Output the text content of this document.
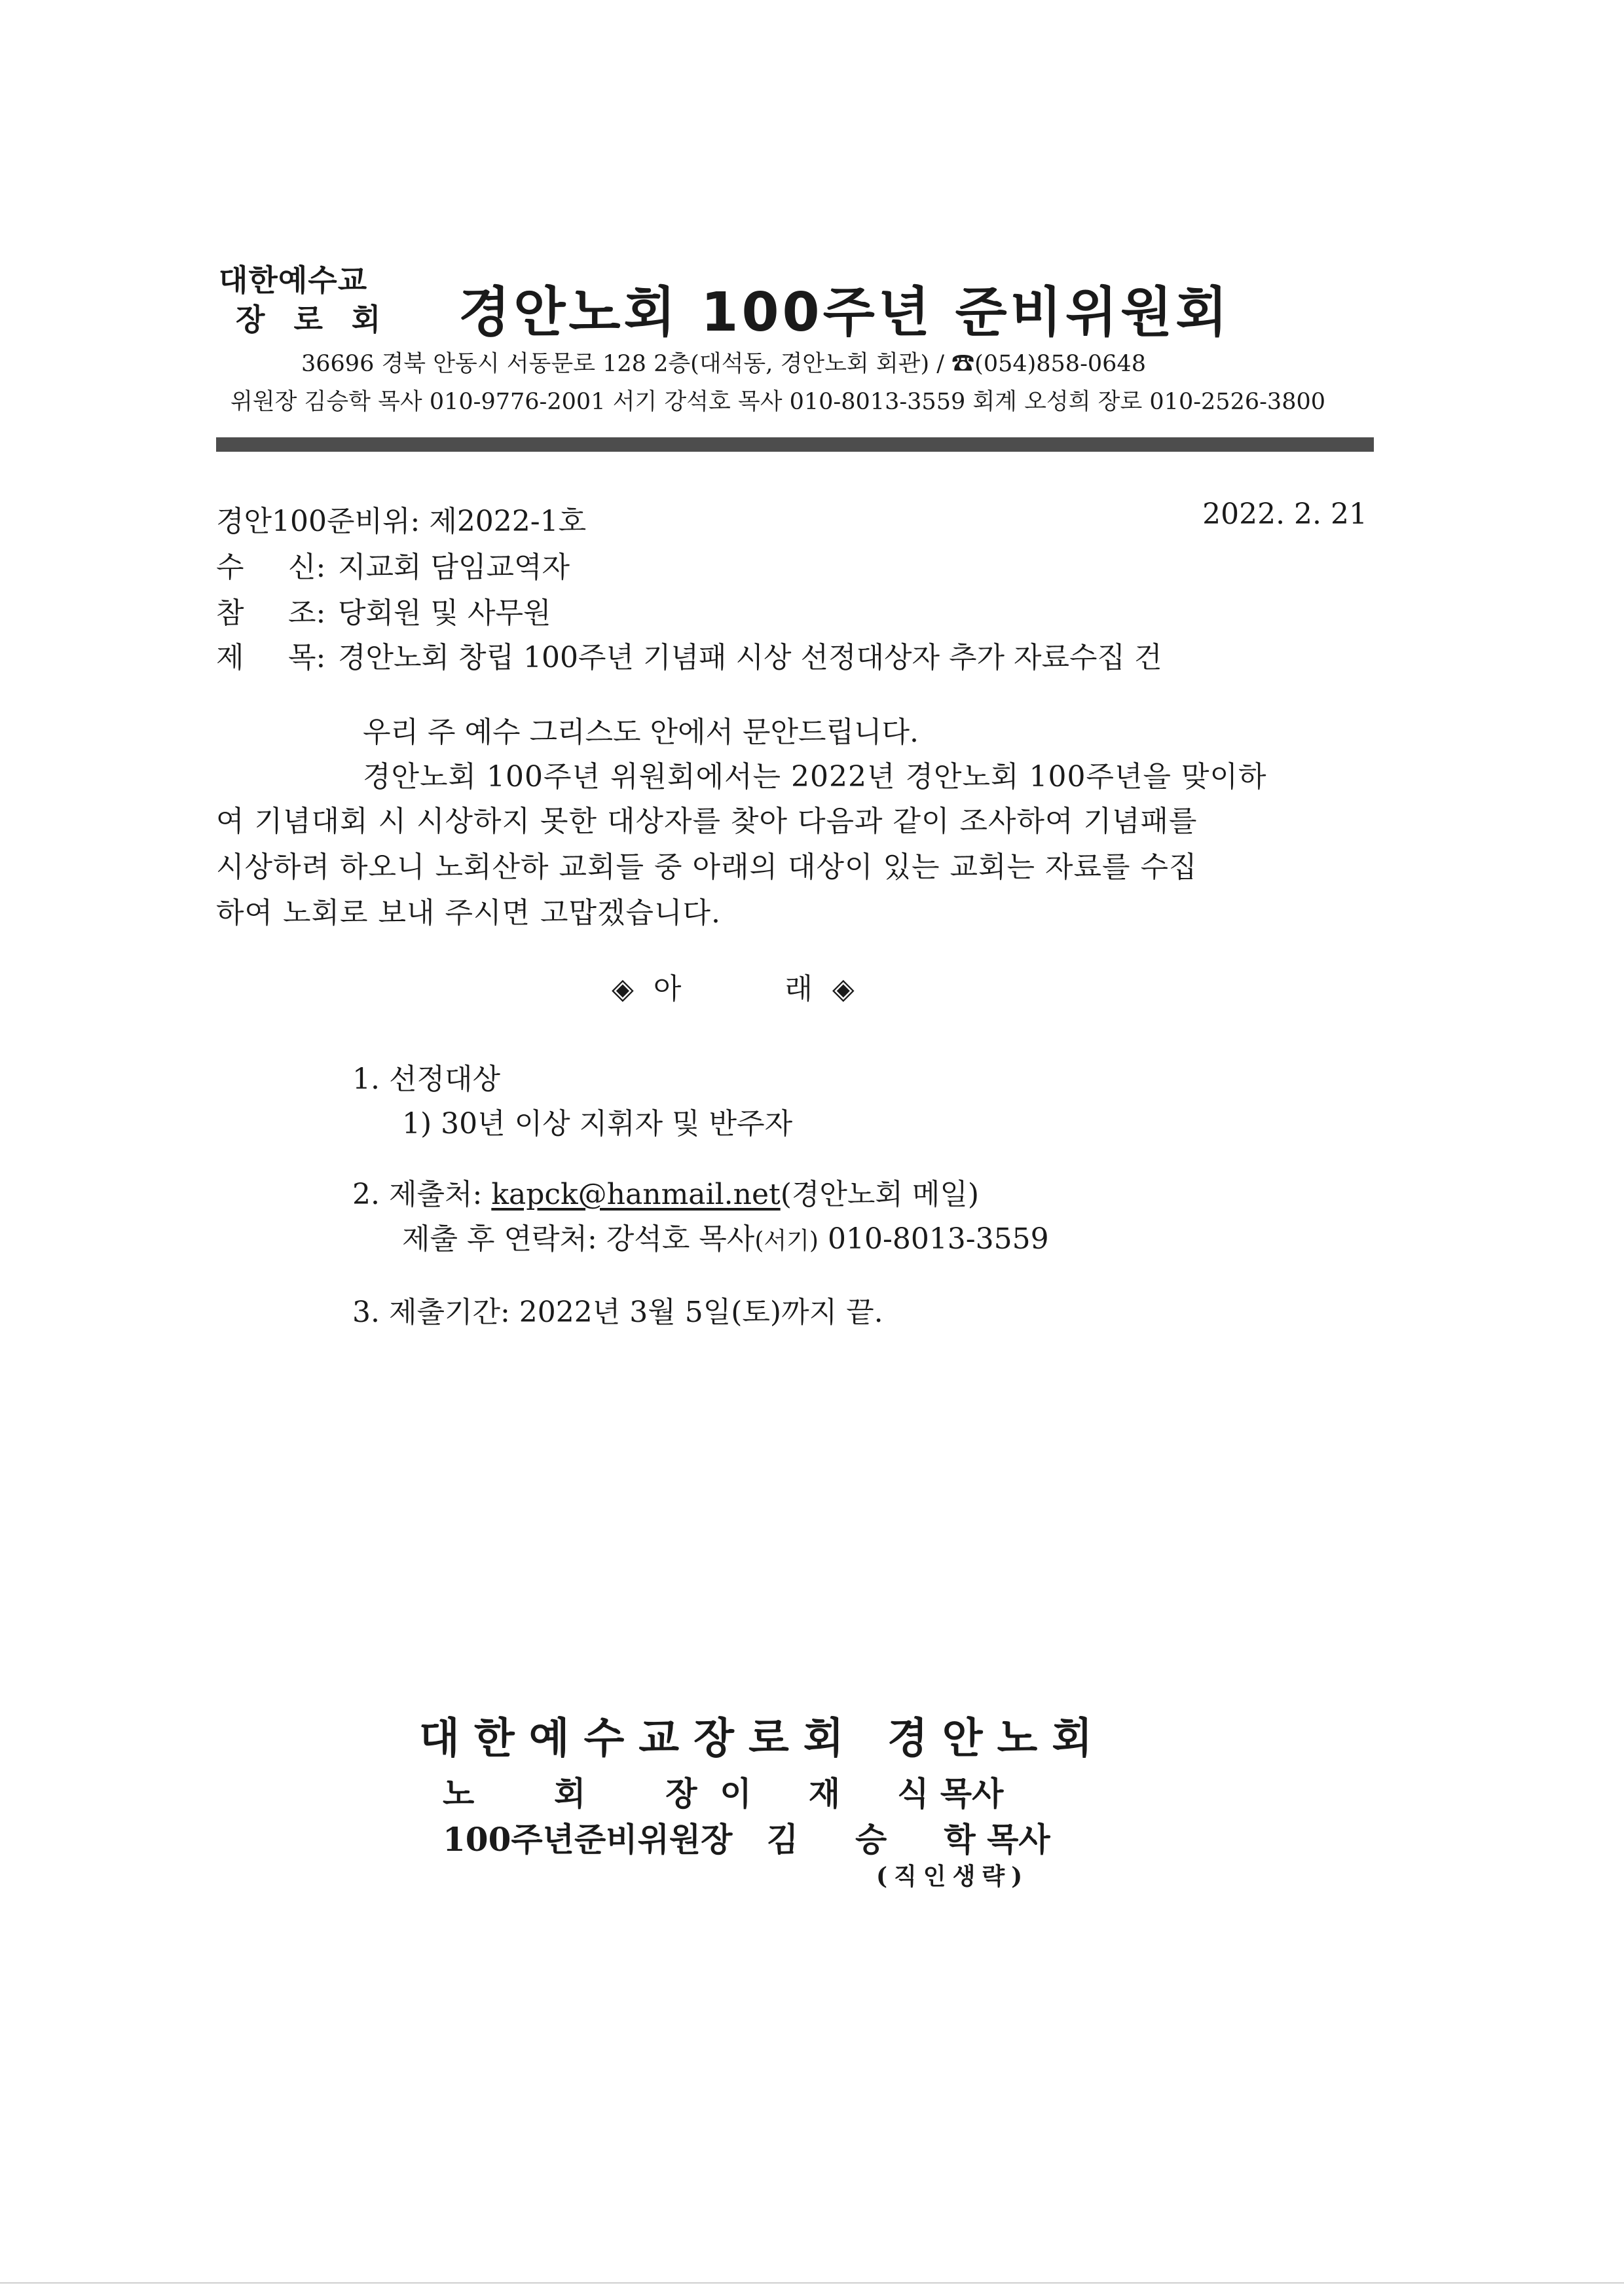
대한예수교
장 로 회 경안노회 100주년 준비위원회
36696 경북 안동시 서동문로 128 2층(대석동, 경안노회 회관) / ☎(054)858-0648
위원장 김승학 목사 010-9776-2001 서기 강석호 목사 010-8013-3559 회계 오성희 장로 010-2526-3800
경안100준비위: 제2022-1호	2022. 2. 21
수 신: 지교회 담임교역자
참 조: 당회원 및 사무원
제 목: 경안노회 창립 100주년 기념패 시상 선정대상자 추가 자료수집 건
우리 주 예수 그리스도 안에서 문안드립니다.
경안노회 100주년 위원회에서는 2022년 경안노회 100주년을 맞이하
여 기념대회 시 시상하지 못한 대상자를 찾아 다음과 같이 조사하여 기념패를
시상하려 하오니 노회산하 교회들 중 아래의 대상이 있는 교회는 자료를 수집
하여 노회로 보내 주시면 고맙겠습니다.
◈ 아	래 ◈
1. 선정대상
1) 30년 이상 지휘자 및 반주자
2. 제출처: kapck@hanmail.net(경안노회 메일)
제출 후 연락처: 강석호 목사(서기) 010-8013-3559
3. 제출기간: 2022년 3월 5일(토)까지 끝.
대한예수교장로회 경안노회
노       회       장  이     재     식 목사
100주년준비위원장   김     승     학 목사
(직인생략)
